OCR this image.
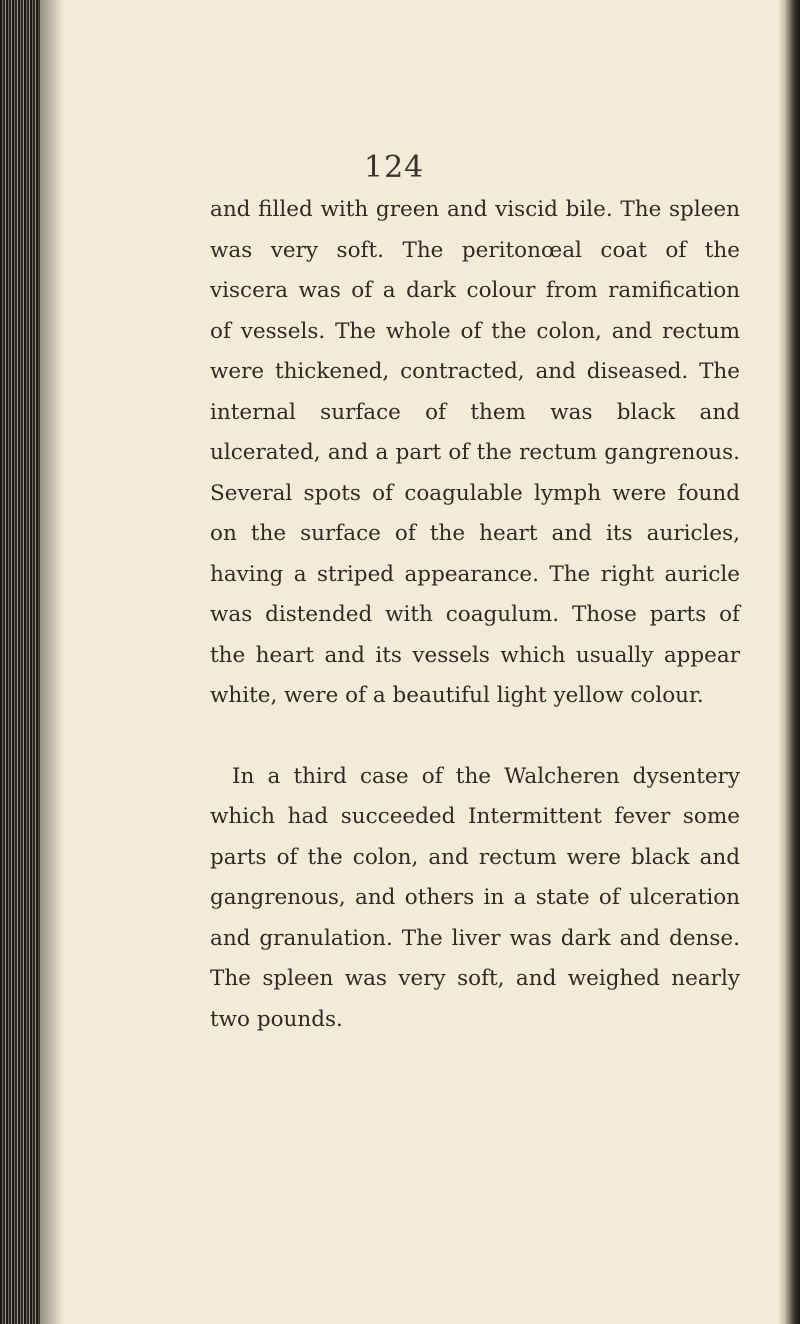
124

and filled with green and viscid bile. The spleen was very soft. The peritonœal coat of the viscera was of a dark colour from ramification of vessels. The whole of the colon, and rectum were thickened, contracted, and diseased. The internal surface of them was black and ulcerated, and a part of the rectum gangrenous. Several spots of coagulable lymph were found on the surface of the heart and its auricles, having a striped appearance. The right auricle was distended with coagulum. Those parts of the heart and its vessels which usually appear white, were of a beautiful light yellow colour.

In a third case of the Walcheren dysentery which had succeeded Intermittent fever some parts of the colon, and rectum were black and gangrenous, and others in a state of ulceration and granulation. The liver was dark and dense. The spleen was very soft, and weighed nearly two pounds.
